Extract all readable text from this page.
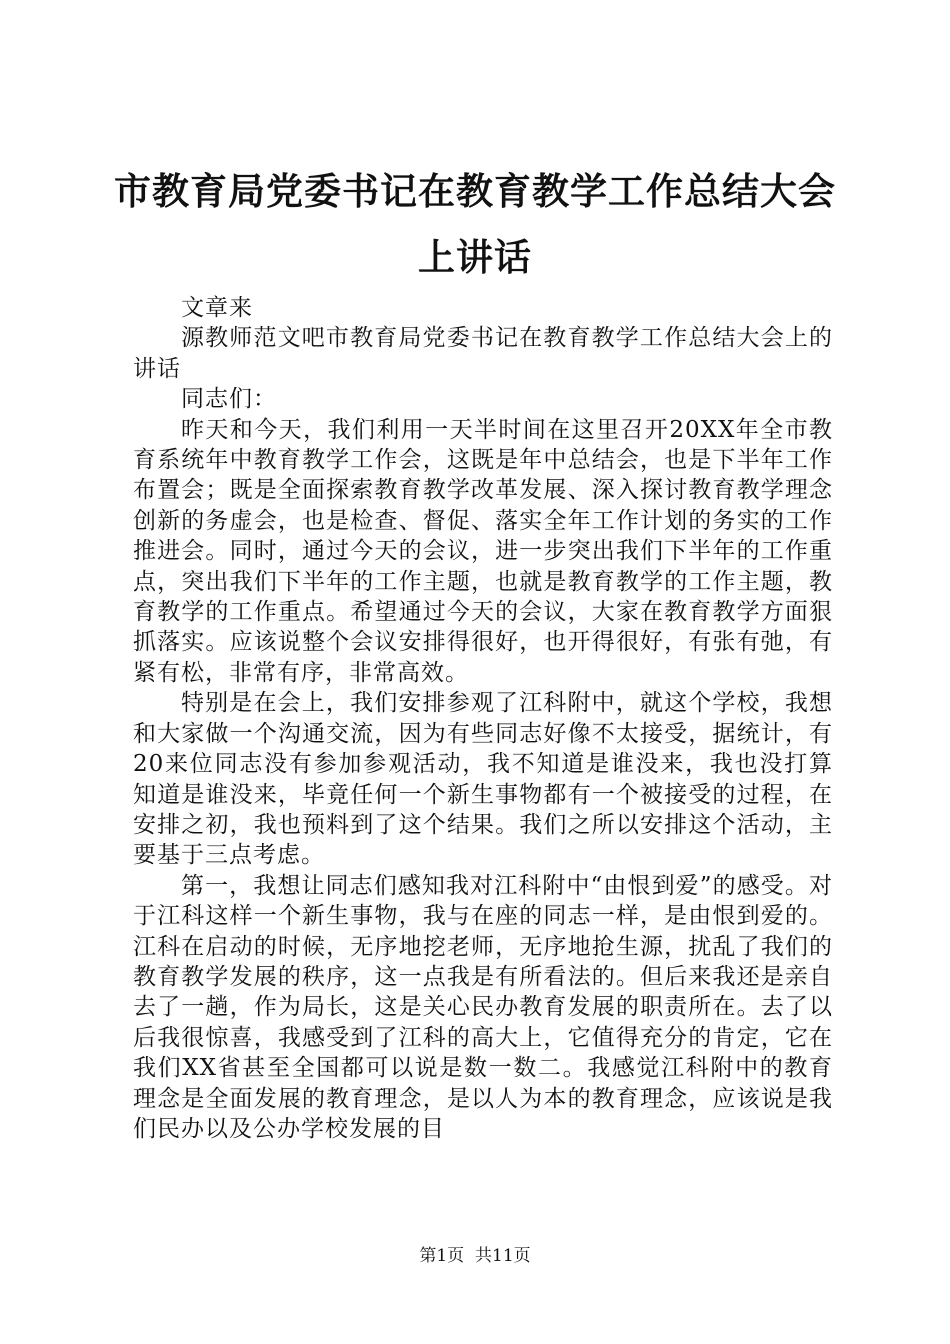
市教育局党委书记在教育教学工作总结大会上讲话

文章来

源教师范文吧市教育局党委书记在教育教学工作总结大会上的讲话

同志们：

昨天和今天，我们利用一天半时间在这里召开20XX年全市教育系统年中教育教学工作会，这既是年中总结会，也是下半年工作布置会；既是全面探索教育教学改革发展、深入探讨教育教学理念创新的务虚会，也是检查、督促、落实全年工作计划的务实的工作推进会。同时，通过今天的会议，进一步突出我们下半年的工作重点，突出我们下半年的工作主题，也就是教育教学的工作主题，教育教学的工作重点。希望通过今天的会议，大家在教育教学方面狠抓落实。应该说整个会议安排得很好，也开得很好，有张有弛，有紧有松，非常有序，非常高效。

特别是在会上，我们安排参观了江科附中，就这个学校，我想和大家做一个沟通交流，因为有些同志好像不太接受，据统计，有20来位同志没有参加参观活动，我不知道是谁没来，我也没打算知道是谁没来，毕竟任何一个新生事物都有一个被接受的过程，在安排之初，我也预料到了这个结果。我们之所以安排这个活动，主要基于三点考虑。

第一，我想让同志们感知我对江科附中“由恨到爱”的感受。对于江科这样一个新生事物，我与在座的同志一样，是由恨到爱的。江科在启动的时候，无序地挖老师，无序地抢生源，扰乱了我们的教育教学发展的秩序，这一点我是有所看法的。但后来我还是亲自去了一趟，作为局长，这是关心民办教育发展的职责所在。去了以后我很惊喜，我感受到了江科的高大上，它值得充分的肯定，它在我们XX省甚至全国都可以说是数一数二。我感觉江科附中的教育理念是全面发展的教育理念，是以人为本的教育理念，应该说是我们民办以及公办学校发展的目

第1页 共11页
